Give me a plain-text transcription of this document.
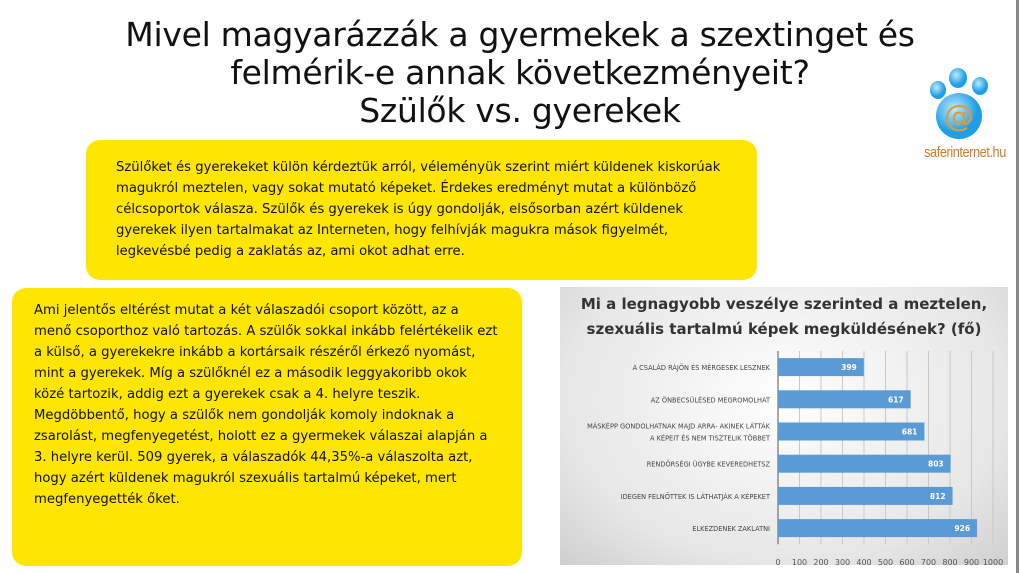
Mivel magyarázzák a gyermekek a szextinget és
felmérik-e annak következményeit?
Szülők vs. gyerekek	@
saferinternet.hu

Szülőket és gyerekeket külön kérdeztük arról, véleményük szerint miért küldenek kiskorúak magukról meztelen, vagy sokat mutató képeket. Érdekes eredményt mutat a különböző célcsoportok válasza. Szülők és gyerekek is úgy gondolják, elsősorban azért küldenek gyerekek ilyen tartalmakat az Interneten, hogy felhívják magukra mások figyelmét, legkevésbé pedig a zaklatás az, ami okot adhat erre.

Ami jelentős eltérést mutat a két válaszadói csoport között, az a menő csoporthoz való tartozás. A szülők sokkal inkább felértékelik ezt a külső, a gyerekekre inkább a kortársaik részéről érkező nyomást, mint a gyerekek. Míg a szülőknél ez a második leggyakoribb okok közé tartozik, addig ezt a gyerekek csak a 4. helyre teszik. Megdöbbentő, hogy a szülők nem gondolják komoly indoknak a zsarolást, megfenyegetést, holott ez a gyermekek válaszai alapján a 3. helyre kerül. 509 gyerek, a válaszadók 44,35%-a válaszolta azt, hogy azért küldenek magukról szexuális tartalmú képeket, mert megfenyegették őket.

Mi a legnagyobb veszélye szerinted a meztelen,
szexuális tartalmú képek megküldésének? (fő)
0 100 200 300 400 500 600 700 800 900 1000
399
A CSALÁD RÁJÖN ÉS MÉRGESEK LESZNEK
617
AZ ÖNBECSÜLÉSED MEGROMOLHAT
681
MÁSKÉPP GONDOLHATNAK MAJD ARRA- AKINEK LÁTTÁK
A KÉPEIT ÉS NEM TISZTELIK TÖBBET
803
RENDŐRSÉGI ÜGYBE KEVEREDHETSZ
812
IDEGEN FELNŐTTEK IS LÁTHATJÁK A KÉPEKET
926
ELKEZDENEK ZAKLATNI
